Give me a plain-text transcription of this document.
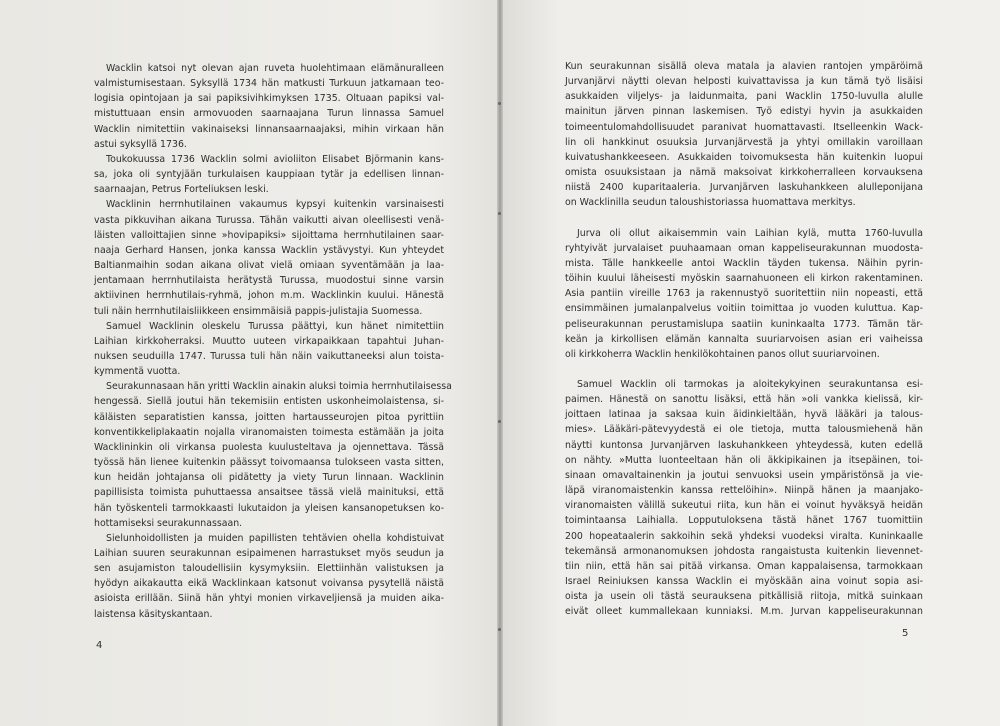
Wacklin katsoi nyt olevan ajan ruveta huolehtimaan elämänuralleen
valmistumisestaan. Syksyllä 1734 hän matkusti Turkuun jatkamaan teo-
logisia opintojaan ja sai papiksivihkimyksen 1735. Oltuaan papiksi val-
mistuttuaan ensin armovuoden saarnaajana Turun linnassa Samuel
Wacklin nimitettiin vakinaiseksi linnansaarnaajaksi, mihin virkaan hän
astui syksyllä 1736.
Toukokuussa 1736 Wacklin solmi avioliiton Elisabet Björmanin kans-
sa, joka oli syntyjään turkulaisen kauppiaan tytär ja edellisen linnan-
saarnaajan, Petrus Forteliuksen leski.
Wacklinin herrnhutilainen vakaumus kypsyi kuitenkin varsinaisesti
vasta pikkuvihan aikana Turussa. Tähän vaikutti aivan oleellisesti venä-
läisten valloittajien sinne »hovipapiksi» sijoittama herrnhutilainen saar-
naaja Gerhard Hansen, jonka kanssa Wacklin ystävystyi. Kun yhteydet
Baltianmaihin sodan aikana olivat vielä omiaan syventämään ja laa-
jentamaan herrnhutilaista herätystä Turussa, muodostui sinne varsin
aktiivinen herrnhutilais-ryhmä, johon m.m. Wacklinkin kuului. Hänestä
tuli näin herrnhutilaisliikkeen ensimmäisiä pappis-julistajia Suomessa.
Samuel Wacklinin oleskelu Turussa päättyi, kun hänet nimitettiin
Laihian kirkkoherraksi. Muutto uuteen virkapaikkaan tapahtui Juhan-
nuksen seuduilla 1747. Turussa tuli hän näin vaikuttaneeksi alun toista-
kymmentä vuotta.
Seurakunnasaan hän yritti Wacklin ainakin aluksi toimia herrnhutilaisessa
hengessä. Siellä joutui hän tekemisiin entisten uskonheimolaistensa, si-
käläisten separatistien kanssa, joitten hartausseurojen pitoa pyrittiin
konventikkeliplakaatin nojalla viranomaisten toimesta estämään ja joita
Wacklininkin oli virkansa puolesta kuulusteltava ja ojennettava. Tässä
työssä hän lienee kuitenkin päässyt toivomaansa tulokseen vasta sitten,
kun heidän johtajansa oli pidätetty ja viety Turun linnaan. Wacklinin
papillisista toimista puhuttaessa ansaitsee tässä vielä mainituksi, että
hän työskenteli tarmokkaasti lukutaidon ja yleisen kansanopetuksen ko-
hottamiseksi seurakunnassaan.
Sielunhoidollisten ja muiden papillisten tehtävien ohella kohdistuivat
Laihian suuren seurakunnan esipaimenen harrastukset myös seudun ja
sen asujamiston taloudellisiin kysymyksiin. Elettiinhän valistuksen ja
hyödyn aikakautta eikä Wacklinkaan katsonut voivansa pysytellä näistä
asioista erillään. Siinä hän yhtyi monien virkaveljiensä ja muiden aika-
laistensa käsityskantaan.
4
Kun seurakunnan sisällä oleva matala ja alavien rantojen ympäröimä
Jurvanjärvi näytti olevan helposti kuivattavissa ja kun tämä työ lisäisi
asukkaiden viljelys- ja laidunmaita, pani Wacklin 1750-luvulla alulle
mainitun järven pinnan laskemisen. Työ edistyi hyvin ja asukkaiden
toimeentulomahdollisuudet paranivat huomattavasti. Itselleenkin Wack-
lin oli hankkinut osuuksia Jurvanjärvestä ja yhtyi omillakin varoillaan
kuivatushankkeeseen. Asukkaiden toivomuksesta hän kuitenkin luopui
omista osuuksistaan ja nämä maksoivat kirkkoherralleen korvauksena
niistä 2400 kuparitaaleria. Jurvanjärven laskuhankkeen alulleponijana
on Wacklinilla seudun taloushistoriassa huomattava merkitys.
Jurva oli ollut aikaisemmin vain Laihian kylä, mutta 1760-luvulla
ryhtyivät jurvalaiset puuhaamaan oman kappeliseurakunnan muodosta-
mista. Tälle hankkeelle antoi Wacklin täyden tukensa. Näihin pyrin-
töihin kuului läheisesti myöskin saarnahuoneen eli kirkon rakentaminen.
Asia pantiin vireille 1763 ja rakennustyö suoritettiin niin nopeasti, että
ensimmäinen jumalanpalvelus voitiin toimittaa jo vuoden kuluttua. Kap-
peliseurakunnan perustamislupa saatiin kuninkaalta 1773. Tämän tär-
keän ja kirkollisen elämän kannalta suuriarvoisen asian eri vaiheissa
oli kirkkoherra Wacklin henkilökohtainen panos ollut suuriarvoinen.
Samuel Wacklin oli tarmokas ja aloitekykyinen seurakuntansa esi-
paimen. Hänestä on sanottu lisäksi, että hän »oli vankka kielissä, kir-
joittaen latinaa ja saksaa kuin äidinkieltään, hyvä lääkäri ja talous-
mies». Lääkäri-pätevyydestä ei ole tietoja, mutta talousmiehenä hän
näytti kuntonsa Jurvanjärven laskuhankkeen yhteydessä, kuten edellä
on nähty. »Mutta luonteeltaan hän oli äkkipikainen ja itsepäinen, toi-
sinaan omavaltainenkin ja joutui senvuoksi usein ympäristönsä ja vie-
läpä viranomaistenkin kanssa rettelöihin». Niinpä hänen ja maanjako-
viranomaisten välillä sukeutui riita, kun hän ei voinut hyväksyä heidän
toimintaansa Laihialla. Lopputuloksena tästä hänet 1767 tuomittiin
200 hopeataalerin sakkoihin sekä yhdeksi vuodeksi viralta. Kuninkaalle
tekemänsä armonanomuksen johdosta rangaistusta kuitenkin lievennet-
tiin niin, että hän sai pitää virkansa. Oman kappalaisensa, tarmokkaan
Israel Reiniuksen kanssa Wacklin ei myöskään aina voinut sopia asi-
oista ja usein oli tästä seurauksena pitkällisiä riitoja, mitkä suinkaan
eivät olleet kummallekaan kunniaksi. M.m. Jurvan kappeliseurakunnan
5
